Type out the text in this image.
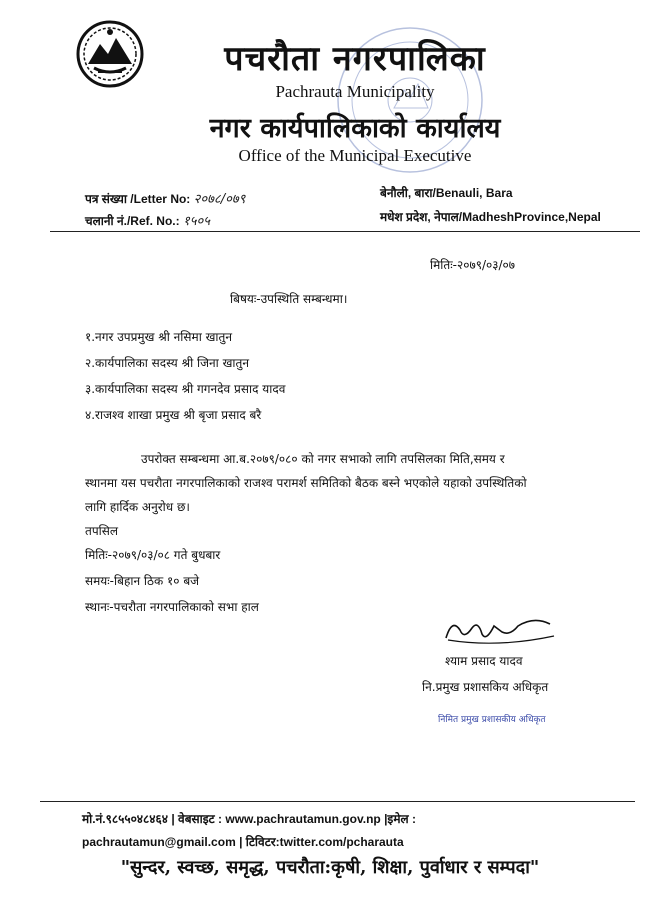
पचरौता नगरपालिका
Pachrauta Municipality
नगर कार्यपालिकाको कार्यालय
Office of the Municipal Executive
पत्र संख्या /Letter No: २०७८/०७९
चलानी नं./Ref. No.: १५०५
बेनौली, बारा/Benauli, Bara
मधेश प्रदेश, नेपाल/MadheshProvince,Nepal
मितिः-२०७९/०३/०७
बिषयः-उपस्थिति सम्बन्धमा।
१.नगर उपप्रमुख श्री नसिमा खातुन
२.कार्यपालिका सदस्य श्री जिना खातुन
३.कार्यपालिका सदस्य श्री गगनदेव प्रसाद यादव
४.राजश्व शाखा प्रमुख श्री बृजा प्रसाद बरै
उपरोक्त सम्बन्धमा आ.ब.२०७९/०८० को नगर सभाको लागि तपसिलका मिति,समय र
स्थानमा यस पचरौता नगरपालिकाको राजश्व परामर्श समितिको बैठक बस्ने भएकोले यहाको उपस्थितिको
लागि हार्दिक अनुरोध छ।
तपसिल
मितिः-२०७९/०३/०८ गते बुधबार
समयः-बिहान ठिक १० बजे
स्थानः-पचरौता नगरपालिकाको सभा हाल
श्याम प्रसाद यादव
नि.प्रमुख प्रशासकिय अधिकृत
निमित प्रमुख प्रशासकीय अधिकृत
मो.नं.९८५५०४८४६४ | वेबसाइट : www.pachrautamun.gov.np |इमेल :
pachrautamun@gmail.com | टिविटर:twitter.com/pcharauta
"सुन्दर, स्वच्छ, समृद्ध, पचरौता:कृषी, शिक्षा, पुर्वाधार र सम्पदा"
